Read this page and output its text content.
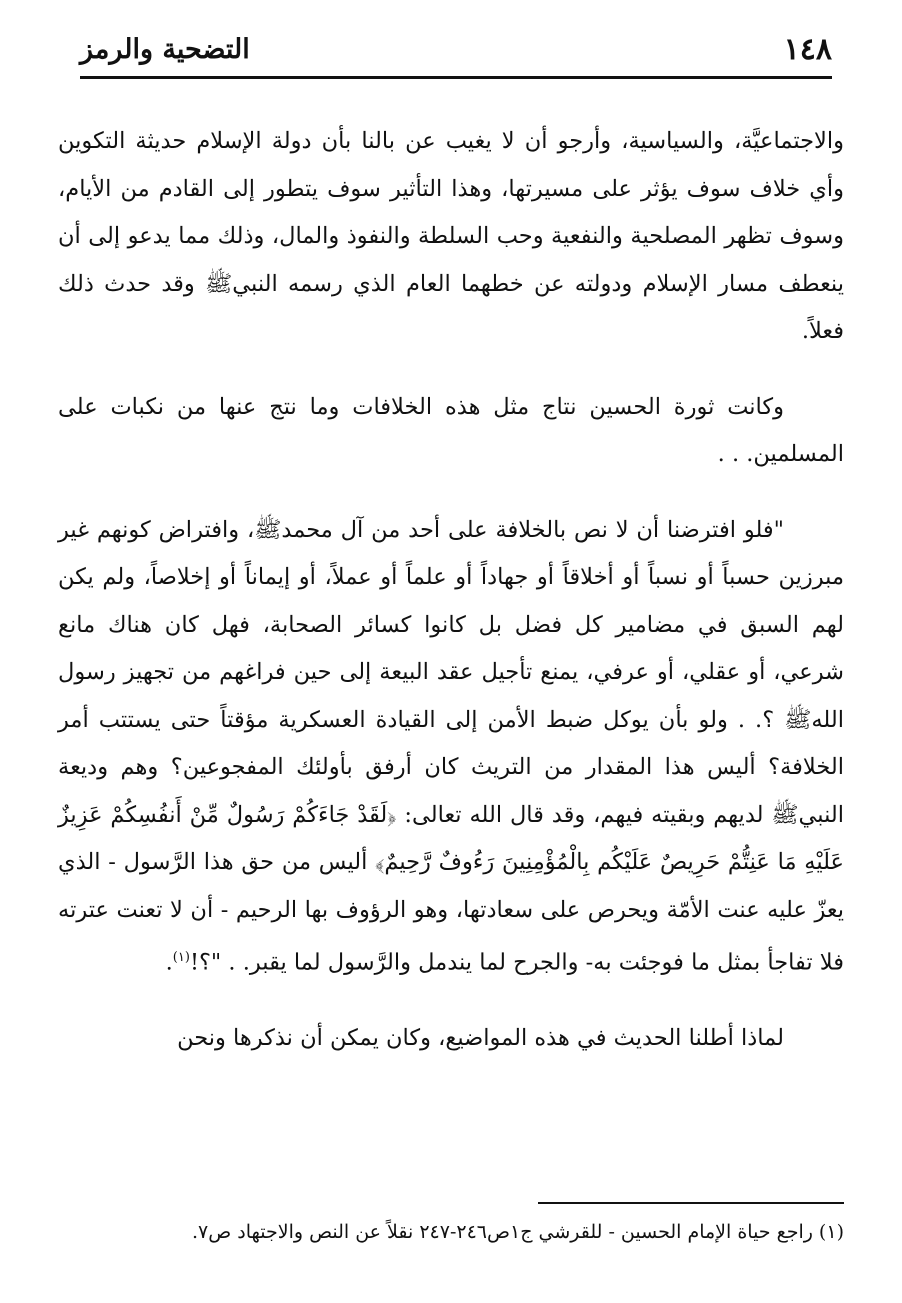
١٤٨
التضحية والرمز

والاجتماعيَّة، والسياسية، وأرجو أن لا يغيب عن بالنا بأن دولة الإسلام حديثة التكوين وأي خلاف سوف يؤثر على مسيرتها، وهذا التأثير سوف يتطور إلى القادم من الأيام، وسوف تظهر المصلحية والنفعية وحب السلطة والنفوذ والمال، وذلك مما يدعو إلى أن ينعطف مسار الإسلام ودولته عن خطهما العام الذي رسمه النبيﷺ وقد حدث ذلك فعلاً.

وكانت ثورة الحسين نتاج مثل هذه الخلافات وما نتج عنها من نكبات على المسلمين. . .

"فلو افترضنا أن لا نص بالخلافة على أحد من آل محمدﷺ، وافتراض كونهم غير مبرزين حسباً أو نسباً أو أخلاقاً أو جهاداً أو علماً أو عملاً، أو إيماناً أو إخلاصاً، ولم يكن لهم السبق في مضامير كل فضل بل كانوا كسائر الصحابة، فهل كان هناك مانع شرعي، أو عقلي، أو عرفي، يمنع تأجيل عقد البيعة إلى حين فراغهم من تجهيز رسول اللهﷺ ؟. . ولو بأن يوكل ضبط الأمن إلى القيادة العسكرية مؤقتاً حتى يستتب أمر الخلافة؟ أليس هذا المقدار من التريث كان أرفق بأولئك المفجوعين؟ وهم وديعة النبيﷺ لديهم وبقيته فيهم، وقد قال الله تعالى: ﴿لَقَدْ جَاءَكُمْ رَسُولٌ مِّنْ أَنفُسِكُمْ عَزِيزٌ عَلَيْهِ مَا عَنِتُّمْ حَرِيصٌ عَلَيْكُم بِالْمُؤْمِنِينَ رَءُوفٌ رَّحِيمٌ﴾ أليس من حق هذا الرَّسول - الذي يعزّ عليه عنت الأمّة ويحرص على سعادتها، وهو الرؤوف بها الرحيم - أن لا تعنت عترته فلا تفاجأ بمثل ما فوجئت به- والجرح لما يندمل والرَّسول لما يقبر. . "؟!$^{(١)}$.

لماذا أطلنا الحديث في هذه المواضيع، وكان يمكن أن نذكرها ونحن

(١) راجع حياة الإمام الحسين - للقرشي ج١ص٢٤٦-٢٤٧ نقلاً عن النص والاجتهاد ص٧.
